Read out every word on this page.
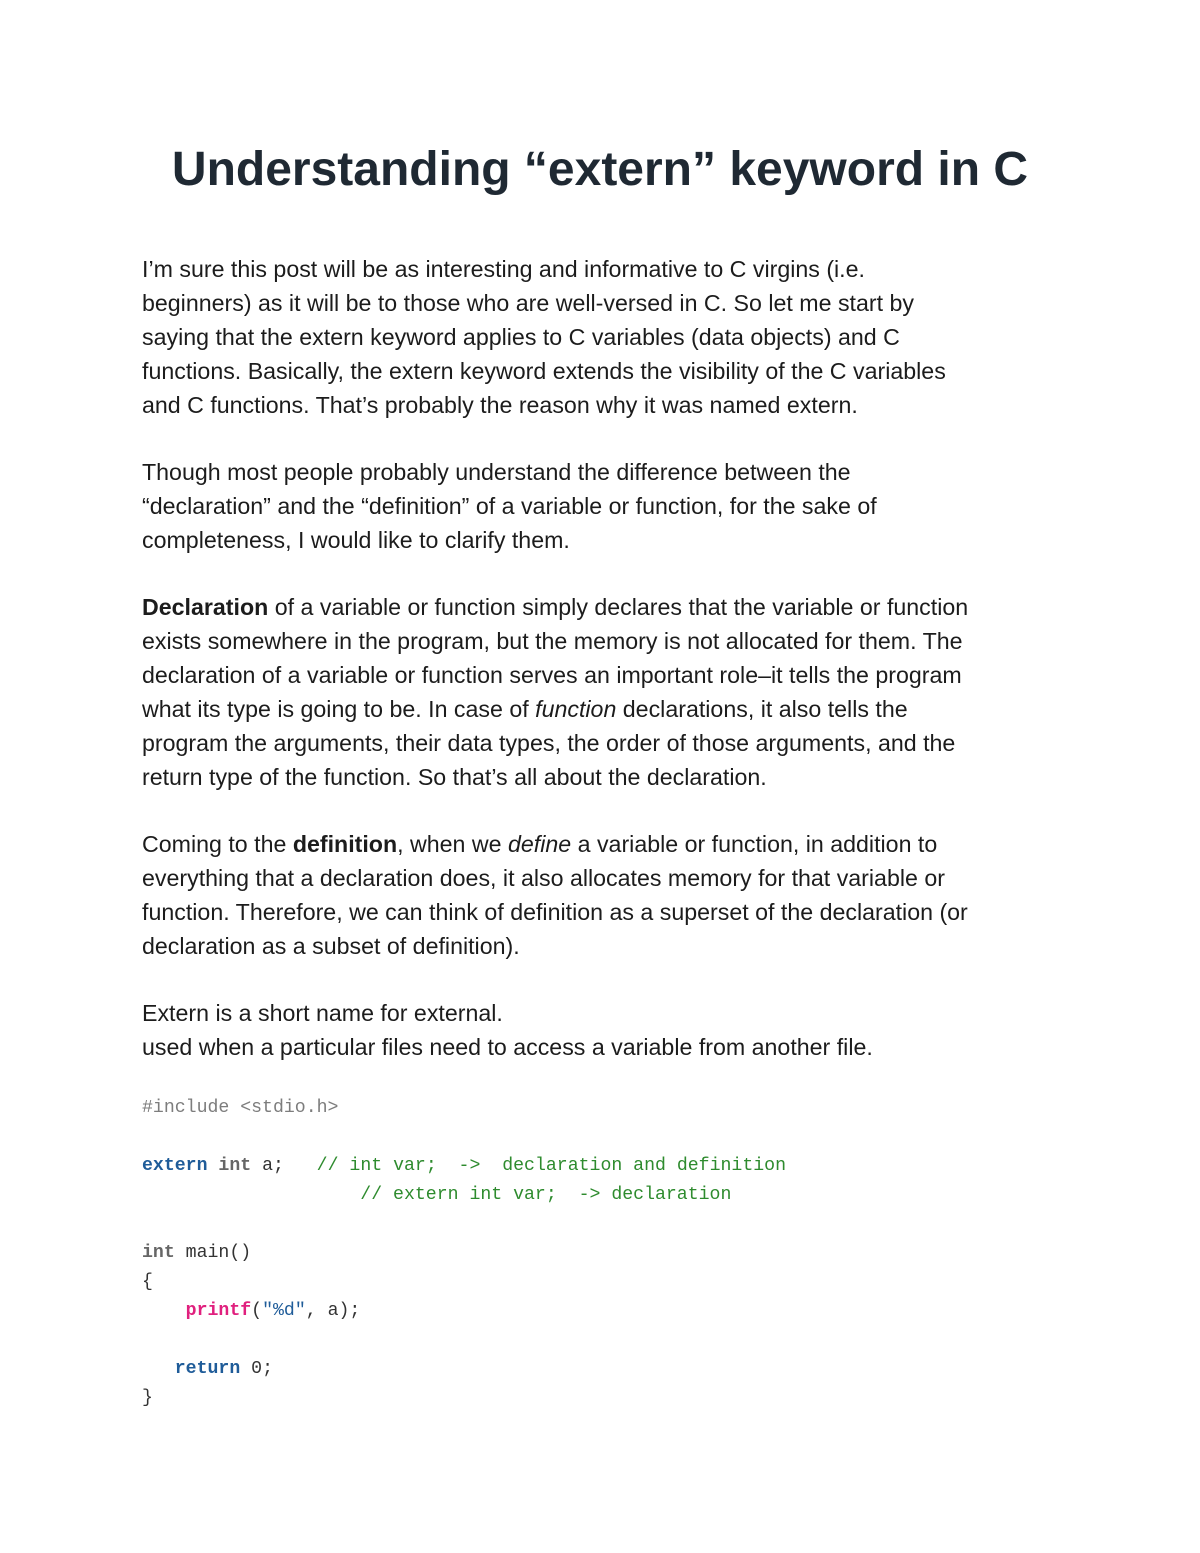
Understanding “extern” keyword in C

I’m sure this post will be as interesting and informative to C virgins (i.e.
beginners) as it will be to those who are well-versed in C. So let me start by
saying that the extern keyword applies to C variables (data objects) and C
functions. Basically, the extern keyword extends the visibility of the C variables
and C functions. That’s probably the reason why it was named extern.

Though most people probably understand the difference between the
“declaration” and the “definition” of a variable or function, for the sake of
completeness, I would like to clarify them.

Declaration of a variable or function simply declares that the variable or function
exists somewhere in the program, but the memory is not allocated for them. The
declaration of a variable or function serves an important role–it tells the program
what its type is going to be. In case of function declarations, it also tells the
program the arguments, their data types, the order of those arguments, and the
return type of the function. So that’s all about the declaration.

Coming to the definition, when we define a variable or function, in addition to
everything that a declaration does, it also allocates memory for that variable or
function. Therefore, we can think of definition as a superset of the declaration (or
declaration as a subset of definition).

Extern is a short name for external.
used when a particular files need to access a variable from another file.

#include <stdio.h>
extern int a;   // int var;  ->  declaration and definition
// extern int var;  -> declaration
int main()
{
printf("%d", a);
return 0;
}
